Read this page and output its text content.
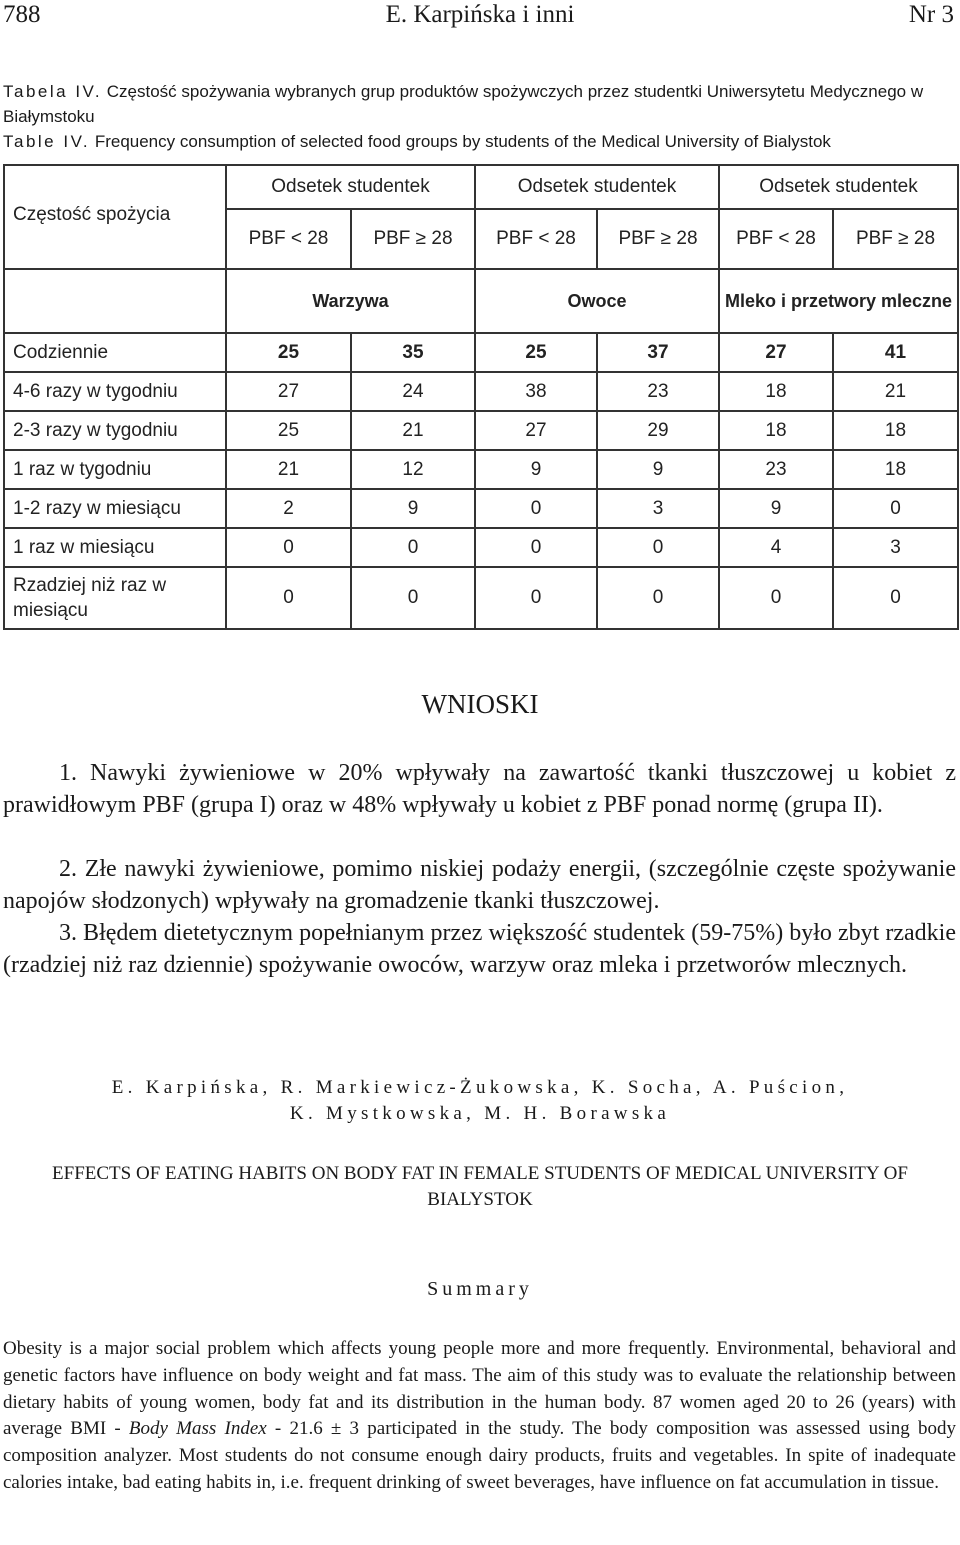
788	E. Karpińska i inni	Nr 3
Tabela IV. Częstość spożywania wybranych grup produktów spożywczych przez studentki Uniwersytetu Medycznego w Białymstoku
Table IV. Frequency consumption of selected food groups by students of the Medical University of Bialystok
Częstość spożycia	Odsetek studentek		Odsetek studentek		Odsetek studentek	
	PBF < 28	PBF ≥ 28	PBF < 28	PBF ≥ 28	PBF < 28	PBF ≥ 28
	Warzywa		Owoce		Mleko i przetwory mleczne	
Codziennie	25	35	25	37	27	41
4-6 razy w tygodniu	27	24	38	23	18	21
2-3 razy w tygodniu	25	21	27	29	18	18
1 raz w tygodniu	21	12	9	9	23	18
1-2 razy w miesiącu	2	9	0	3	9	0
1 raz w miesiącu	0	0	0	0	4	3
Rzadziej niż raz w miesiącu	0	0	0	0	0	0
WNIOSKI

1. Nawyki żywieniowe w 20% wpływały na zawartość tkanki tłuszczowej u kobiet z prawidłowym PBF (grupa I) oraz w 48% wpływały u kobiet z PBF ponad normę (grupa II).

2. Złe nawyki żywieniowe, pomimo niskiej podaży energii, (szczególnie częste spożywanie napojów słodzonych) wpływały na gromadzenie tkanki tłuszczowej.

3. Błędem dietetycznym popełnianym przez większość studentek (59-75%) było zbyt rzadkie (rzadziej niż raz dziennie) spożywanie owoców, warzyw oraz mleka i przetworów mlecznych.

E. Karpińska, R. Markiewicz-Żukowska, K. Socha, A. Puścion,
K. Mystkowska, M. H. Borawska
EFFECTS OF EATING HABITS ON BODY FAT IN FEMALE STUDENTS OF MEDICAL UNIVERSITY OF BIALYSTOK
Summary

Obesity is a major social problem which affects young people more and more frequently. Environmental, behavioral and genetic factors have influence on body weight and fat mass. The aim of this study was to evaluate the relationship between dietary habits of young women, body fat and its distribution in the human body. 87 women aged 20 to 26 (years) with average BMI - Body Mass Index - 21.6 ± 3 participated in the study. The body composition was assessed using body composition analyzer. Most students do not consume enough dairy products, fruits and vegetables. In spite of inadequate calories intake, bad eating habits in, i.e. frequent drinking of sweet beverages, have influence on fat accumulation in tissue.
